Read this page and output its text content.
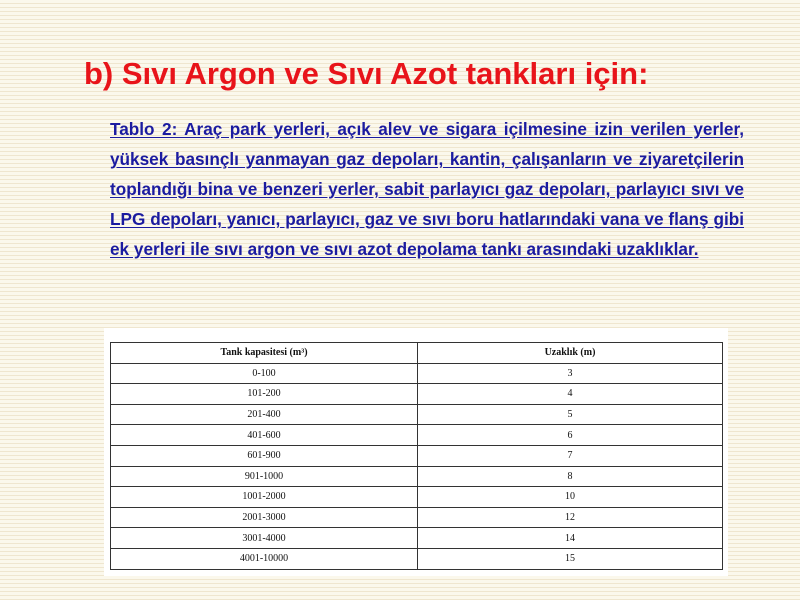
b) Sıvı Argon ve Sıvı Azot tankları için:

Tablo 2: Araç park yerleri, açık alev ve sigara içilmesine izin verilen yerler, yüksek basınçlı yanmayan gaz depoları, kantin, çalışanların ve ziyaretçilerin toplandığı bina ve benzeri yerler, sabit parlayıcı gaz depoları, parlayıcı sıvı ve LPG depoları, yanıcı, parlayıcı, gaz ve sıvı boru hatlarındaki vana ve flanş gibi ek yerleri ile sıvı argon ve sıvı azot depolama tankı arasındaki uzaklıklar.

Tank kapasitesi (m³)	Uzaklık (m)
0-100	3
101-200	4
201-400	5
401-600	6
601-900	7
901-1000	8
1001-2000	10
2001-3000	12
3001-4000	14
4001-10000	15
